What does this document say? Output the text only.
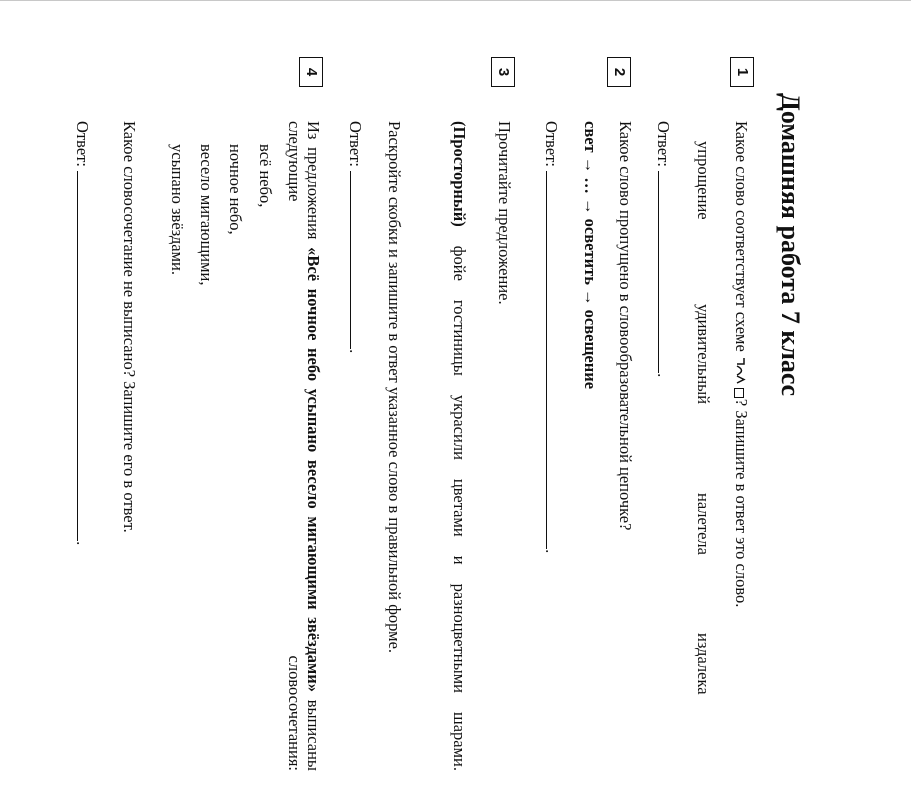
Домашняя работа 7 класс
1
Какое слово соответствует схеме
? Запишите в ответ это слово.
упрощение
удивительный
налетела
издалека
Ответ: .
2
Какое слово пропущено в словообразовательной цепочке?
свет → … → осветить → освещение
Ответ: .
3
Прочитайте предложение.
(Просторный) фойе гостиницы украсили цветами и разноцветными шарами.
Раскройте скобки и запишите в ответ указанное слово в правильной форме.
Ответ: .
4
Из предложения «Всё ночное небо усыпано весело мигающими звёздами» выписаны следующие словосочетания:
всё небо,
ночное небо,
весело мигающими,
усыпано звёздами.
Какое словосочетание не выписано? Запишите его в ответ.
Ответ: .
